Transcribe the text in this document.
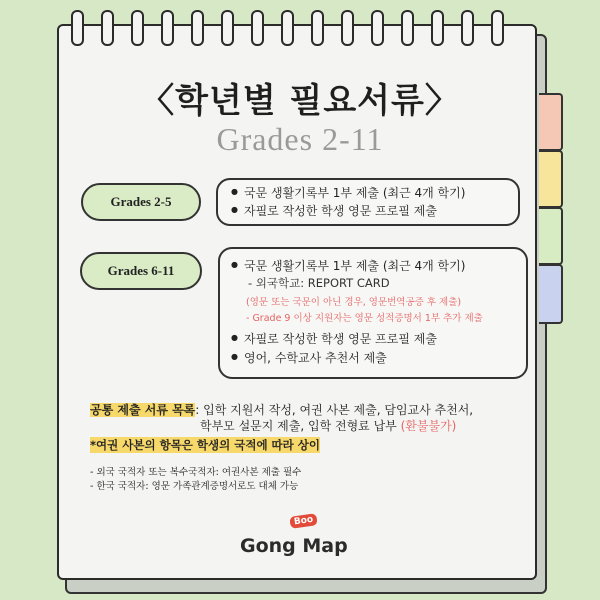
〈학년별 필요서류〉
Grades 2-11
Grades 2-5
● 국문 생활기록부 1부 제출 (최근 4개 학기)
● 자필로 작성한 학생 영문 프로필 제출
Grades 6-11
●	국문 생활기록부 1부 제출 (최근 4개 학기)
- 외국학교: REPORT CARD
(영문 또는 국문이 아닌 경우, 영문번역공증 후 제출)
- Grade 9 이상 지원자는 영문 성적증명서 1부 추가 제출
● 자필로 작성한 학생 영문 프로필 제출
● 영어, 수학교사 추천서 제출
공통 제출 서류 목록: 입학 지원서 작성, 여권 사본 제출, 담임교사 추천서,
학부모 설문지 제출, 입학 전형료 납부 (환불불가)
*여권 사본의 항목은 학생의 국적에 따라 상이
- 외국 국적자 또는 복수국적자: 여권사본 제출 필수
- 한국 국적자: 영문 가족관계증명서로도 대체 가능
Boo
Gong Map
